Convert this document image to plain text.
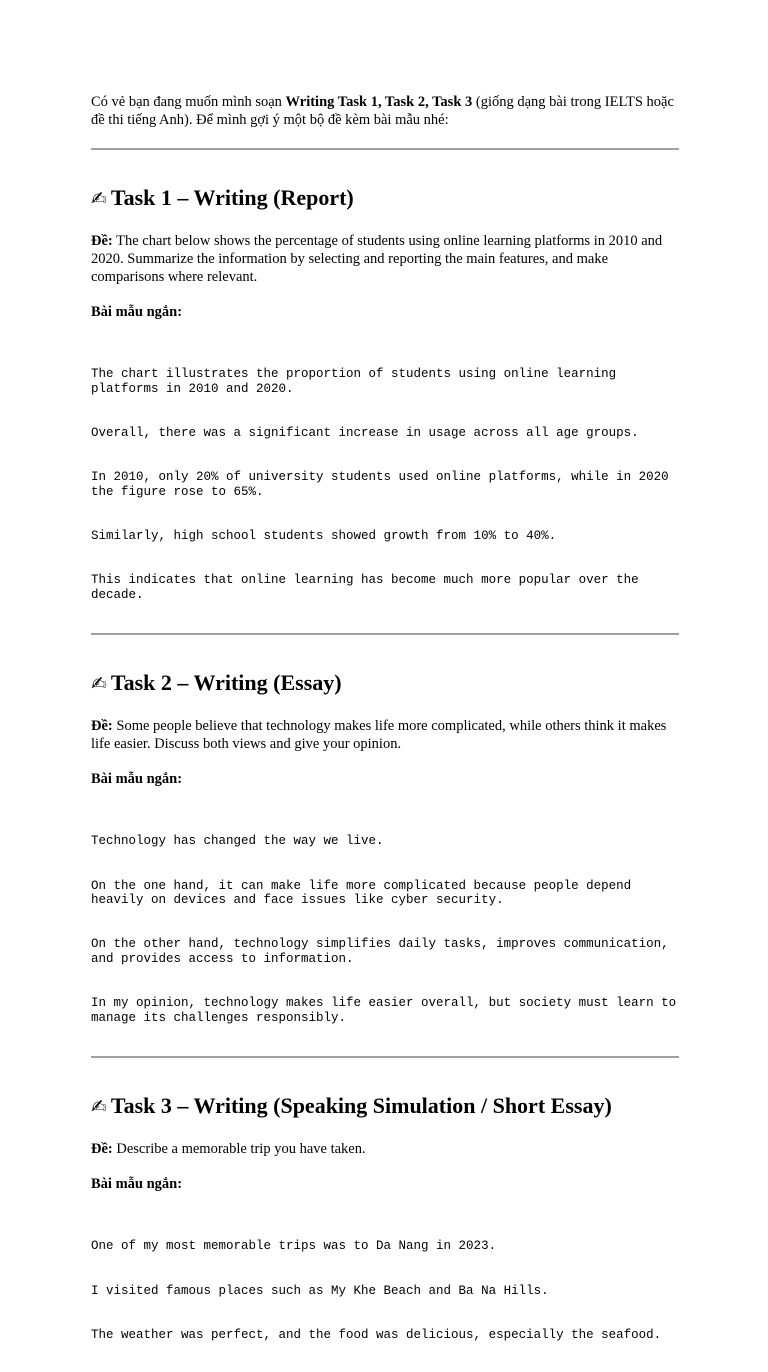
Có vẻ bạn đang muốn mình soạn Writing Task 1, Task 2, Task 3 (giống dạng bài trong IELTS hoặc đề thi tiếng Anh). Để mình gợi ý một bộ đề kèm bài mẫu nhé:

✍ Task 1 – Writing (Report)

Đề: The chart below shows the percentage of students using online learning platforms in 2010 and 2020. Summarize the information by selecting and reporting the main features, and make comparisons where relevant.

Bài mẫu ngắn:

The chart illustrates the proportion of students using online learning platforms in 2010 and 2020.

Overall, there was a significant increase in usage across all age groups.

In 2010, only 20% of university students used online platforms, while in 2020 the figure rose to 65%.

Similarly, high school students showed growth from 10% to 40%.

This indicates that online learning has become much more popular over the decade.

✍ Task 2 – Writing (Essay)

Đề: Some people believe that technology makes life more complicated, while others think it makes life easier. Discuss both views and give your opinion.

Bài mẫu ngắn:

Technology has changed the way we live.

On the one hand, it can make life more complicated because people depend heavily on devices and face issues like cyber security.

On the other hand, technology simplifies daily tasks, improves communication, and provides access to information.

In my opinion, technology makes life easier overall, but society must learn to manage its challenges responsibly.

✍ Task 3 – Writing (Speaking Simulation / Short Essay)

Đề: Describe a memorable trip you have taken.

Bài mẫu ngắn:

One of my most memorable trips was to Da Nang in 2023.

I visited famous places such as My Khe Beach and Ba Na Hills.

The weather was perfect, and the food was delicious, especially the seafood.
